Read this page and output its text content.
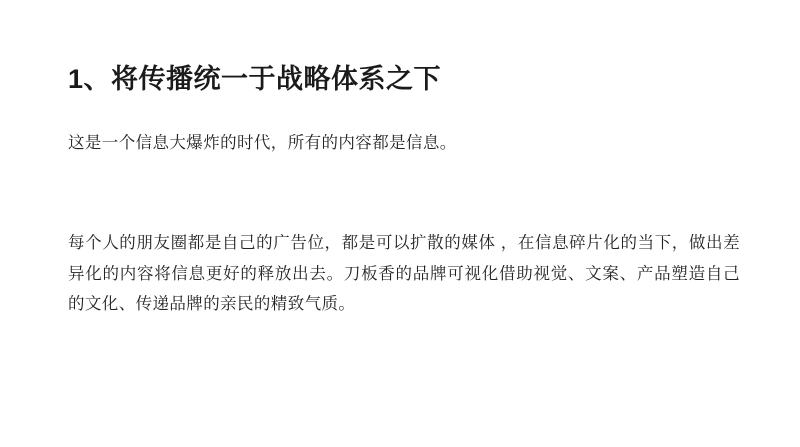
1、将传播统一于战略体系之下
这是一个信息大爆炸的时代，所有的内容都是信息。
每个人的朋友圈都是自己的广告位，都是可以扩散的媒体 ，在信息碎片化的当下，做出差异化的内容将信息更好的释放出去。刀板香的品牌可视化借助视觉、文案、产品塑造自己的文化、传递品牌的亲民的精致气质。
